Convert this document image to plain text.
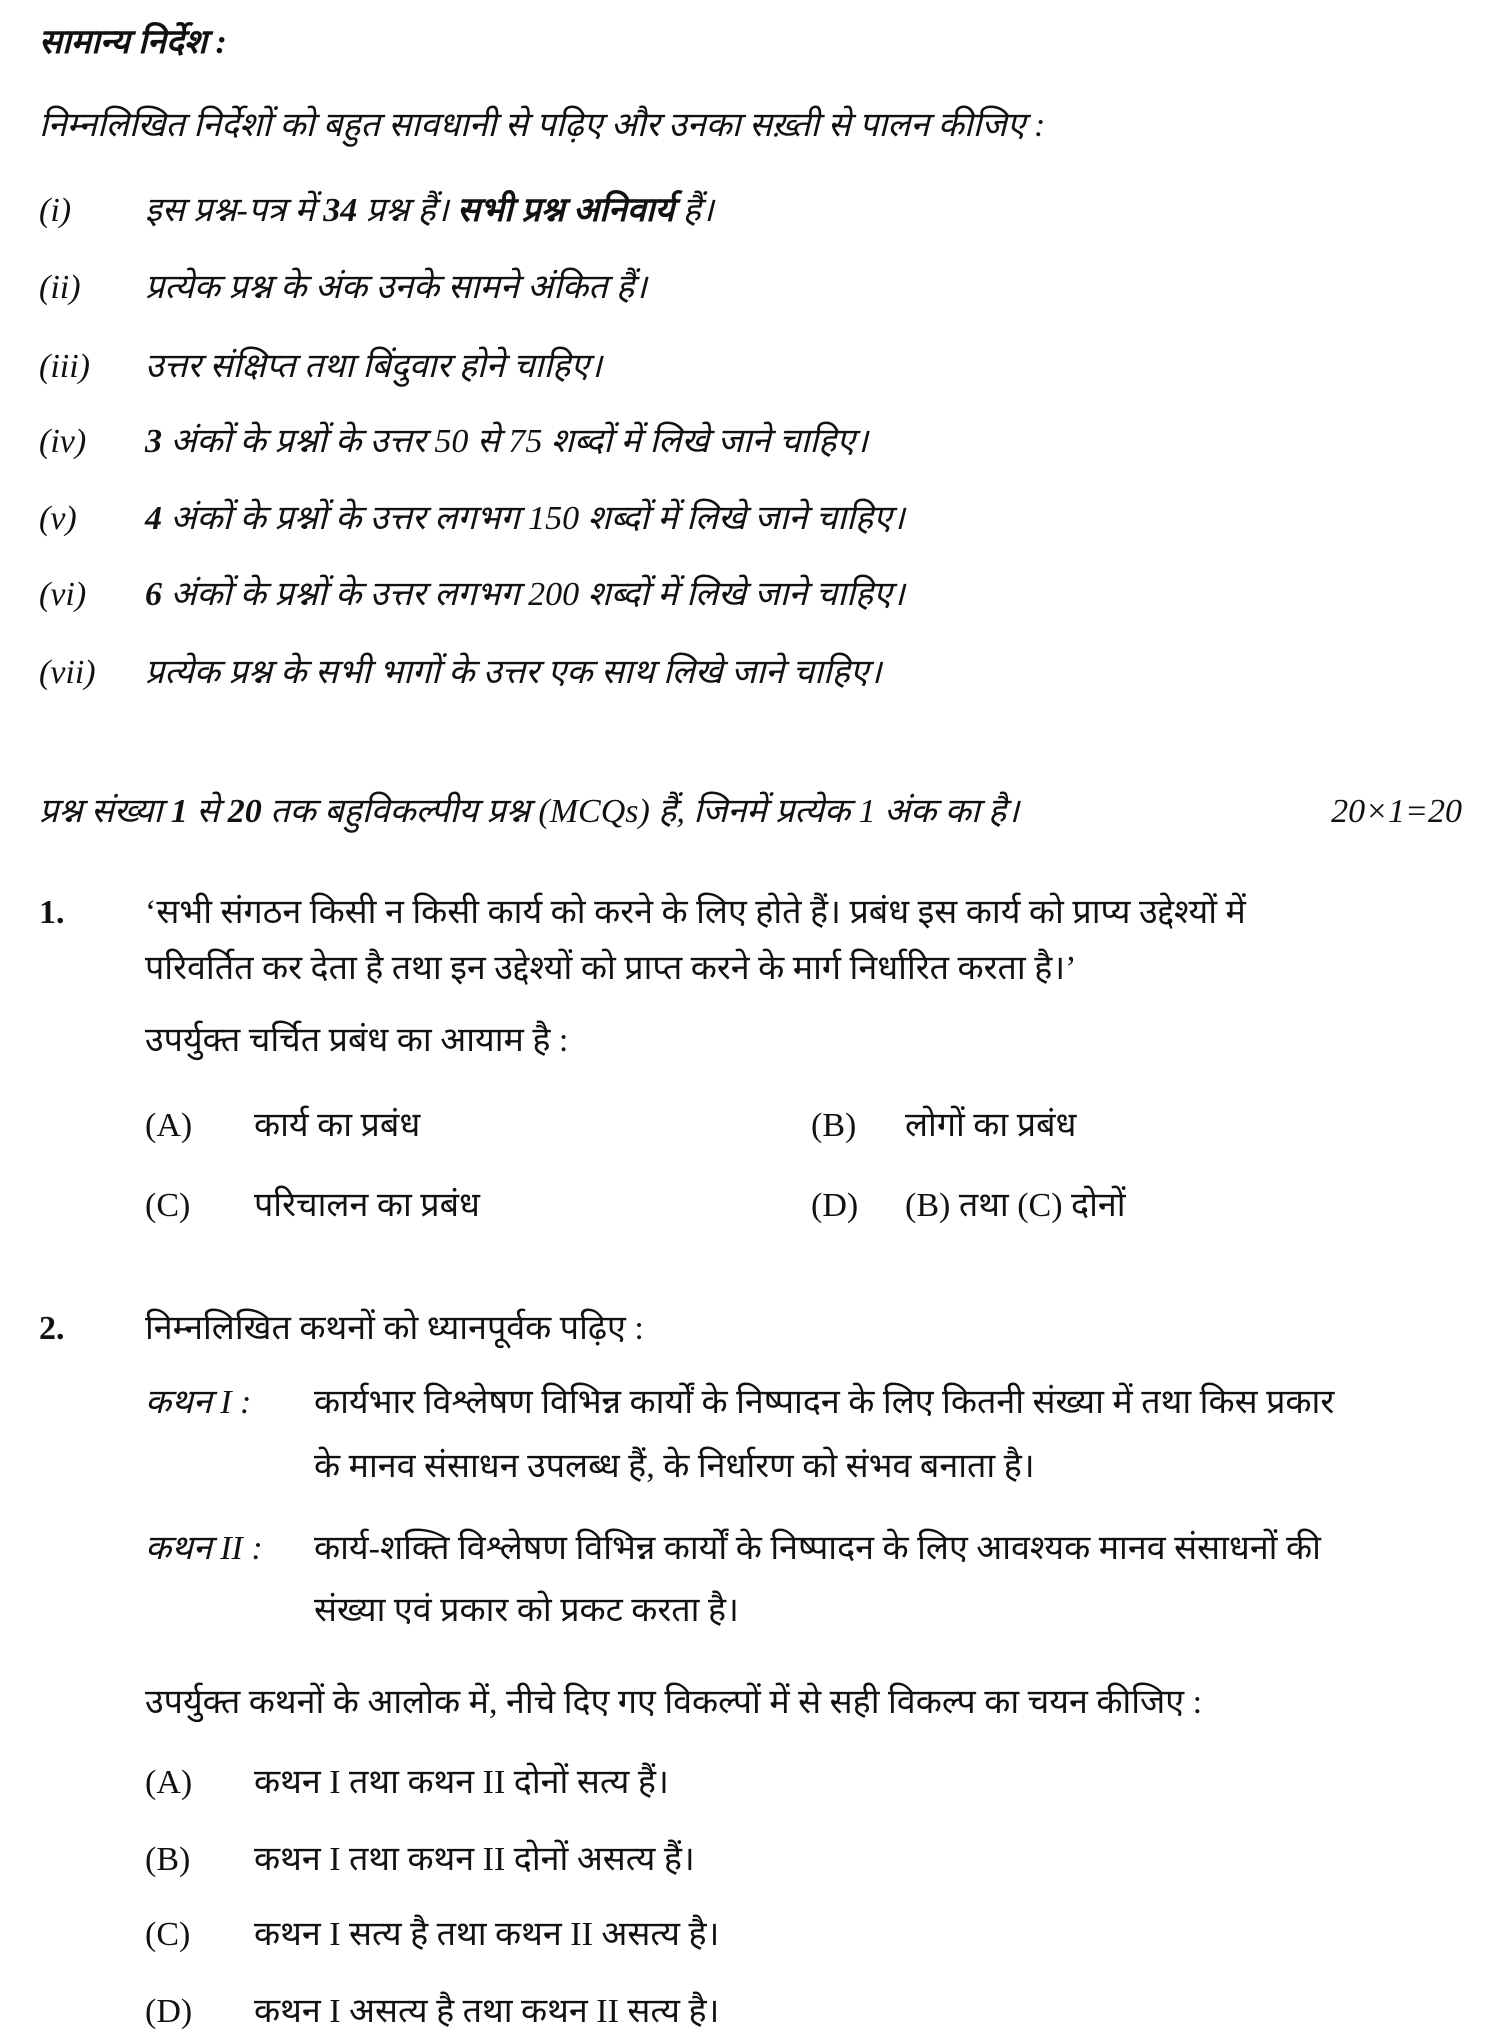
सामान्य निर्देश :
निम्नलिखित निर्देशों को बहुत सावधानी से पढ़िए और उनका सख़्ती से पालन कीजिए :
(i) इस प्रश्न-पत्र में 34 प्रश्न हैं। सभी प्रश्न अनिवार्य हैं।
(ii) प्रत्येक प्रश्न के अंक उनके सामने अंकित हैं।
(iii) उत्तर संक्षिप्त तथा बिंदुवार होने चाहिए।
(iv) 3 अंकों के प्रश्नों के उत्तर 50 से 75 शब्दों में लिखे जाने चाहिए।
(v) 4 अंकों के प्रश्नों के उत्तर लगभग 150 शब्दों में लिखे जाने चाहिए।
(vi) 6 अंकों के प्रश्नों के उत्तर लगभग 200 शब्दों में लिखे जाने चाहिए।
(vii) प्रत्येक प्रश्न के सभी भागों के उत्तर एक साथ लिखे जाने चाहिए।
प्रश्न संख्या 1 से 20 तक बहुविकल्पीय प्रश्न (MCQs) हैं, जिनमें प्रत्येक 1 अंक का है।	20×1=20
1. ‘सभी संगठन किसी न किसी कार्य को करने के लिए होते हैं। प्रबंध इस कार्य को प्राप्य उद्देश्यों में
परिवर्तित कर देता है तथा इन उद्देश्यों को प्राप्त करने के मार्ग निर्धारित करता है।’
उपर्युक्त चर्चित प्रबंध का आयाम है :
(A) कार्य का प्रबंध	(B) लोगों का प्रबंध
(C) परिचालन का प्रबंध	(D) (B) तथा (C) दोनों
2. निम्नलिखित कथनों को ध्यानपूर्वक पढ़िए :
कथन I : कार्यभार विश्लेषण विभिन्न कार्यों के निष्पादन के लिए कितनी संख्या में तथा किस प्रकार
के मानव संसाधन उपलब्ध हैं, के निर्धारण को संभव बनाता है।
कथन II : कार्य-शक्ति विश्लेषण विभिन्न कार्यों के निष्पादन के लिए आवश्यक मानव संसाधनों की
संख्या एवं प्रकार को प्रकट करता है।
उपर्युक्त कथनों के आलोक में, नीचे दिए गए विकल्पों में से सही विकल्प का चयन कीजिए :
(A) कथन I तथा कथन II दोनों सत्य हैं।
(B) कथन I तथा कथन II दोनों असत्य हैं।
(C) कथन I सत्य है तथा कथन II असत्य है।
(D) कथन I असत्य है तथा कथन II सत्य है।
